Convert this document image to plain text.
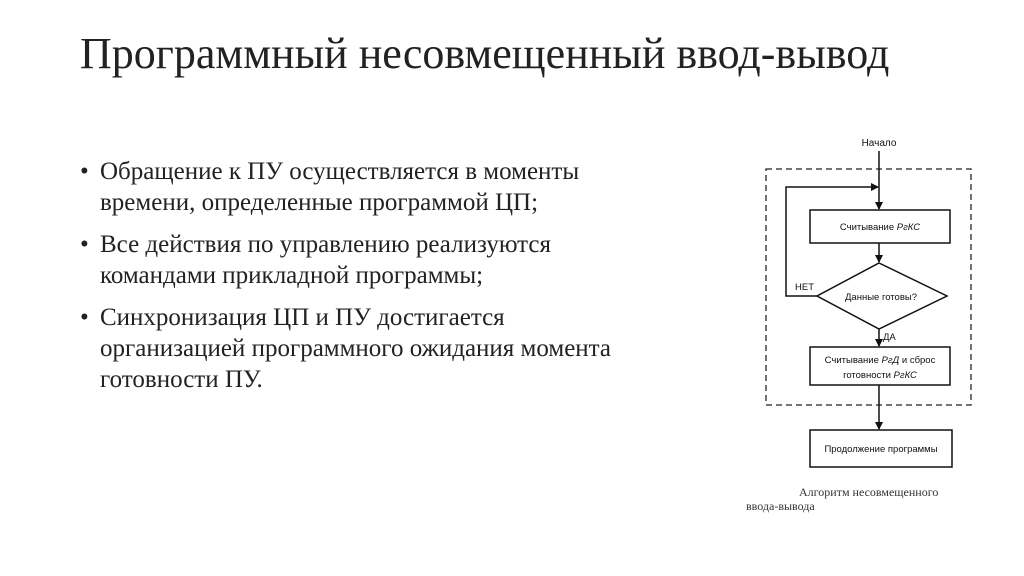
Программный несовмещенный ввод-вывод
• Обращение к ПУ осуществляется в моменты времени, определенные программой ЦП;
• Все действия по управлению реализуются командами прикладной программы;
• Синхронизация ЦП и ПУ достигается организацией программного ожидания момента готовности ПУ.
Начало
Считывание РгКС
Данные готовы?
НЕТ
ДА
Считывание РгД и сброс
готовности РгКС
Продолжение программы
Алгоритм несовмещенного
ввода-вывода
